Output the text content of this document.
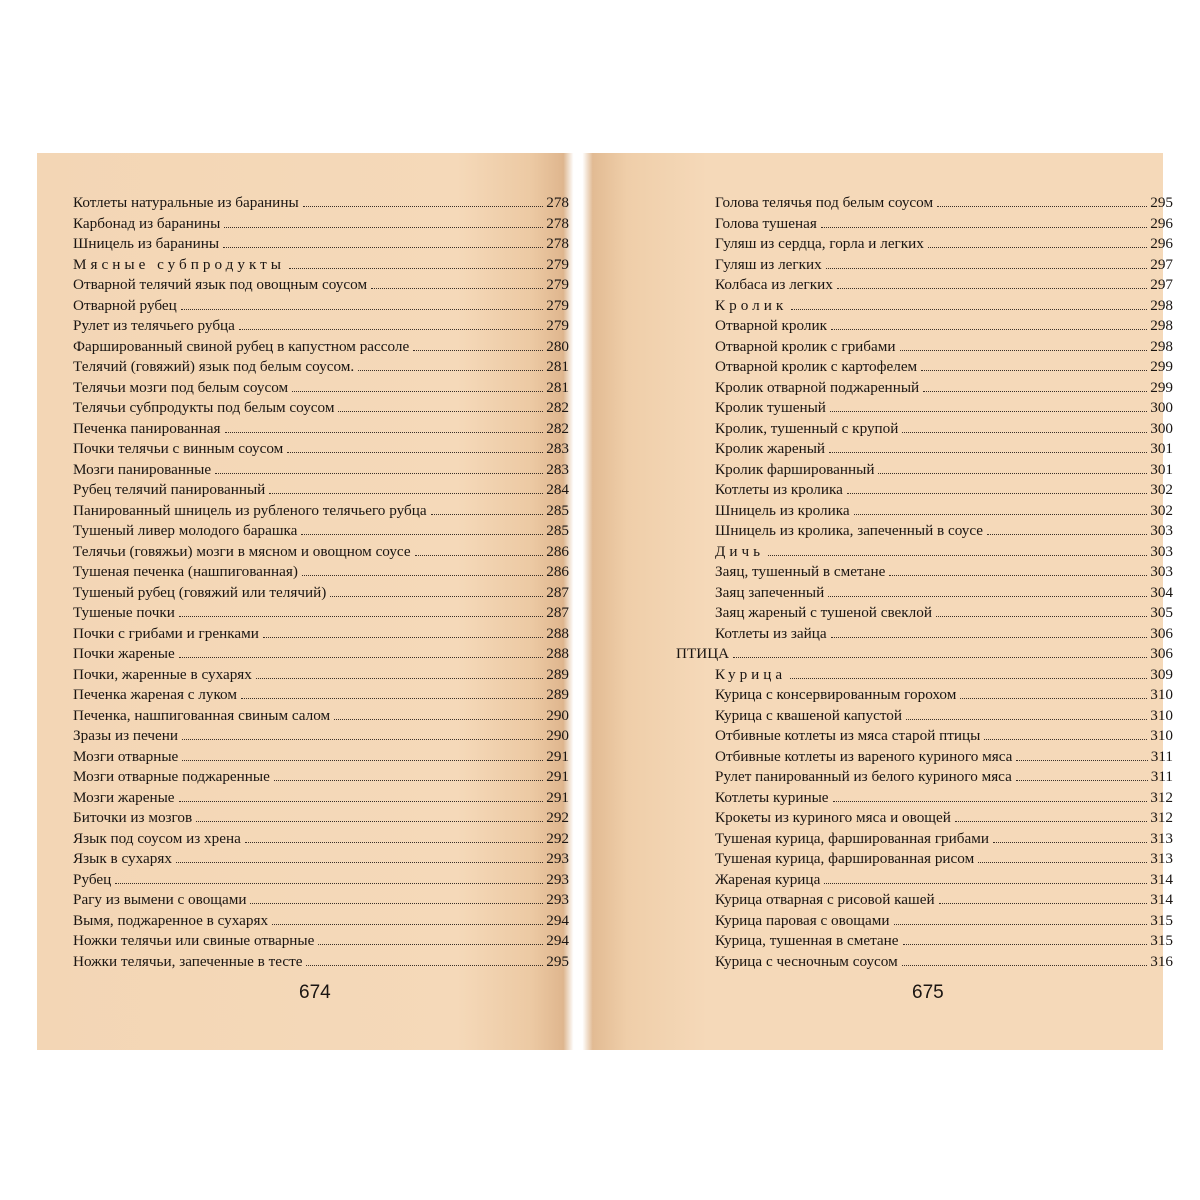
Котлеты натуральные из баранины	278
Карбонад из баранины	278
Шницель из баранины	278
Мясные субпродукты	279
Отварной телячий язык под овощным соусом	279
Отварной рубец	279
Рулет из телячьего рубца	279
Фаршированный свиной рубец в капустном рассоле	280
Телячий (говяжий) язык под белым соусом.	281
Телячьи мозги под белым соусом	281
Телячьи субпродукты под белым соусом	282
Печенка панированная	282
Почки телячьи с винным соусом	283
Мозги панированные	283
Рубец телячий панированный	284
Панированный шницель из рубленого телячьего рубца	285
Тушеный ливер молодого барашка	285
Телячьи (говяжьи) мозги в мясном и овощном соусе	286
Тушеная печенка (нашпигованная)	286
Тушеный рубец (говяжий или телячий)	287
Тушеные почки	287
Почки с грибами и гренками	288
Почки жареные	288
Почки, жаренные в сухарях	289
Печенка жареная с луком	289
Печенка, нашпигованная свиным салом	290
Зразы из печени	290
Мозги отварные	291
Мозги отварные поджаренные	291
Мозги жареные	291
Биточки из мозгов	292
Язык под соусом из хрена	292
Язык в сухарях	293
Рубец	293
Рагу из вымени с овощами	293
Вымя, поджаренное в сухарях	294
Ножки телячьи или свиные отварные	294
Ножки телячьи, запеченные в тесте	295
Голова телячья под белым соусом	295
Голова тушеная	296
Гуляш из сердца, горла и легких	296
Гуляш из легких	297
Колбаса из легких	297
Кролик	298
Отварной кролик	298
Отварной кролик с грибами	298
Отварной кролик с картофелем	299
Кролик отварной поджаренный	299
Кролик тушеный	300
Кролик, тушенный с крупой	300
Кролик жареный	301
Кролик фаршированный	301
Котлеты из кролика	302
Шницель из кролика	302
Шницель из кролика, запеченный в соусе	303
Дичь	303
Заяц, тушенный в сметане	303
Заяц запеченный	304
Заяц жареный с тушеной свеклой	305
Котлеты из зайца	306
ПТИЦА	306
Курица	309
Курица с консервированным горохом	310
Курица с квашеной капустой	310
Отбивные котлеты из мяса старой птицы	310
Отбивные котлеты из вареного куриного мяса	311
Рулет панированный из белого куриного мяса	311
Котлеты куриные	312
Крокеты из куриного мяса и овощей	312
Тушеная курица, фаршированная грибами	313
Тушеная курица, фаршированная рисом	313
Жареная курица	314
Курица отварная с рисовой кашей	314
Курица паровая с овощами	315
Курица, тушенная в сметане	315
Курица с чесночным соусом	316
674	675
